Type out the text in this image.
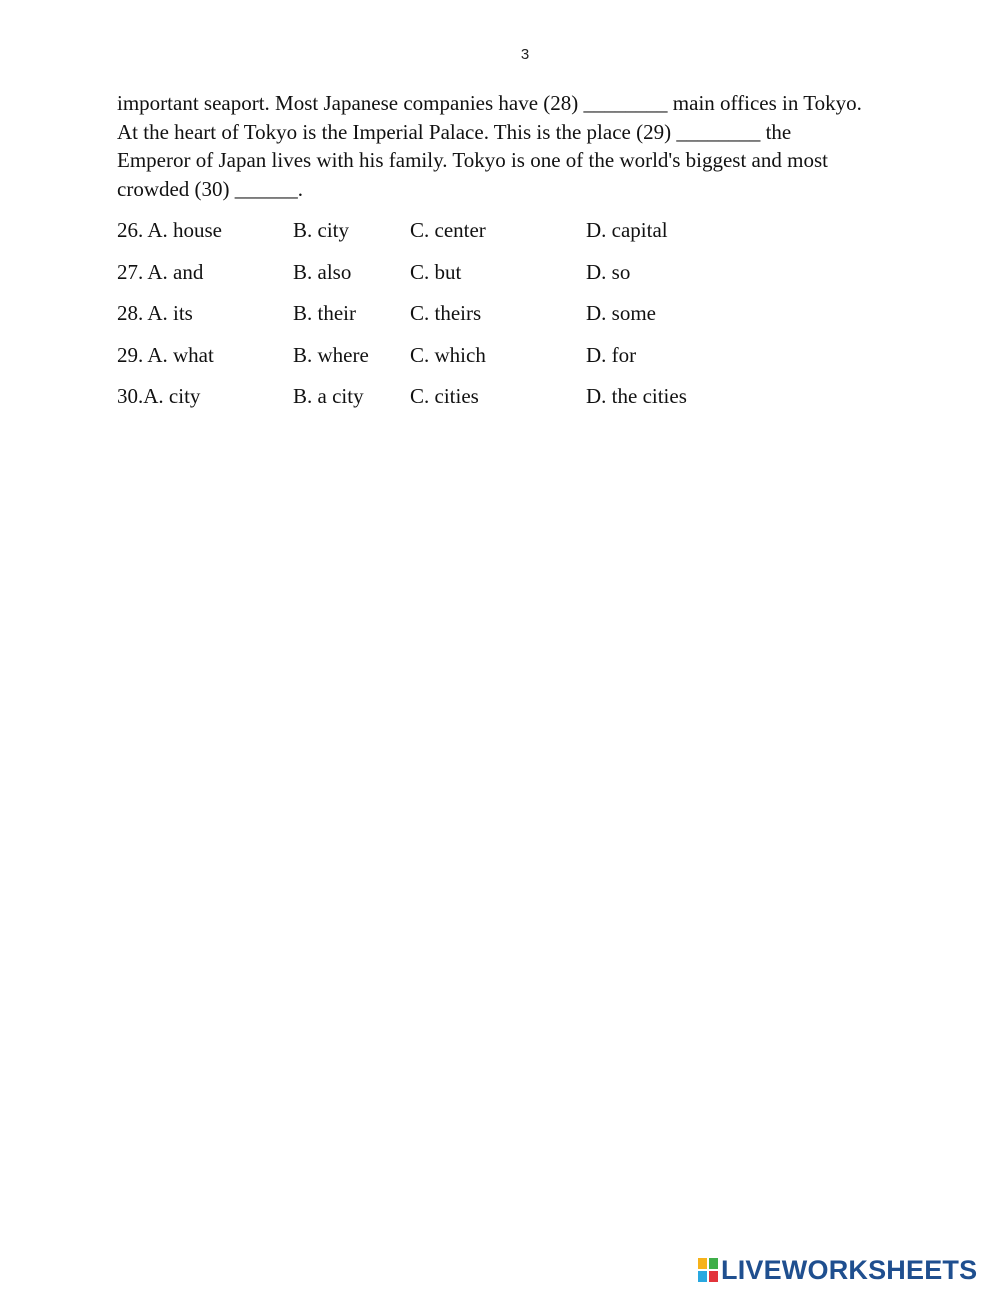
3

important seaport. Most Japanese companies have (28) ________ main offices in Tokyo.

At the heart of Tokyo is the Imperial Palace. This is the place (29) ________ the

Emperor of Japan lives with his family. Tokyo is one of the world's biggest and most

crowded (30) ______.

26. A. house	B. city	C. center	D. capital
27. A. and	B. also	C. but	D. so
28. A. its	B. their	C. theirs	D. some
29. A. what	B. where C. which	D. for
30.A. city	B. a city C. cities	D. the cities
LIVEWORKSHEETS
